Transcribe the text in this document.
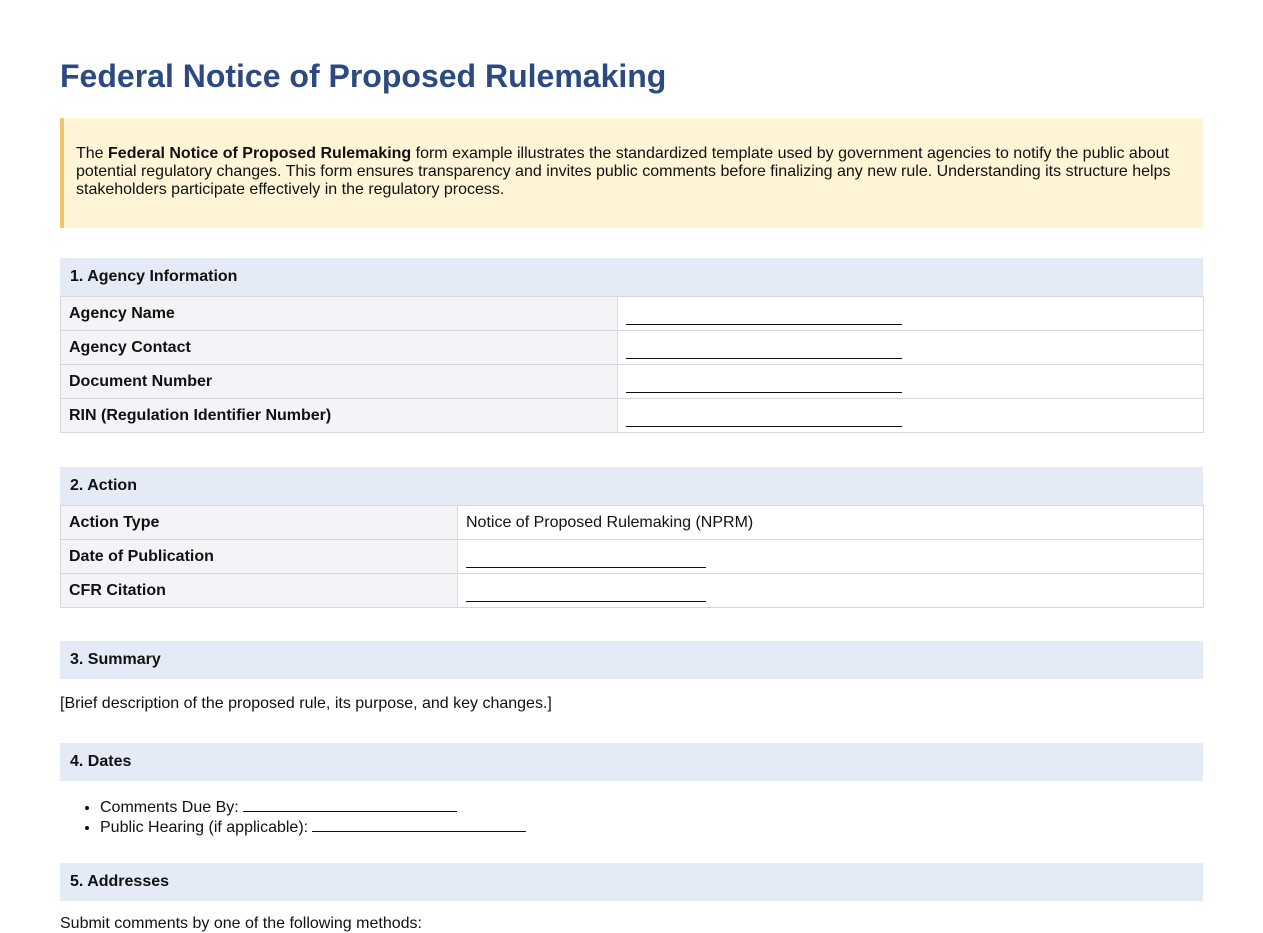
Federal Notice of Proposed Rulemaking
The Federal Notice of Proposed Rulemaking form example illustrates the standardized template used by government agencies to notify the public about potential regulatory changes. This form ensures transparency and invites public comments before finalizing any new rule. Understanding its structure helps stakeholders participate effectively in the regulatory process.
1. Agency Information
Agency Name	
Agency Contact	
Document Number	
RIN (Regulation Identifier Number)	
2. Action
Action Type	Notice of Proposed Rulemaking (NPRM)
Date of Publication	
CFR Citation	
3. Summary
[Brief description of the proposed rule, its purpose, and key changes.]
4. Dates
• Comments Due By:
• Public Hearing (if applicable):
5. Addresses
Submit comments by one of the following methods:
